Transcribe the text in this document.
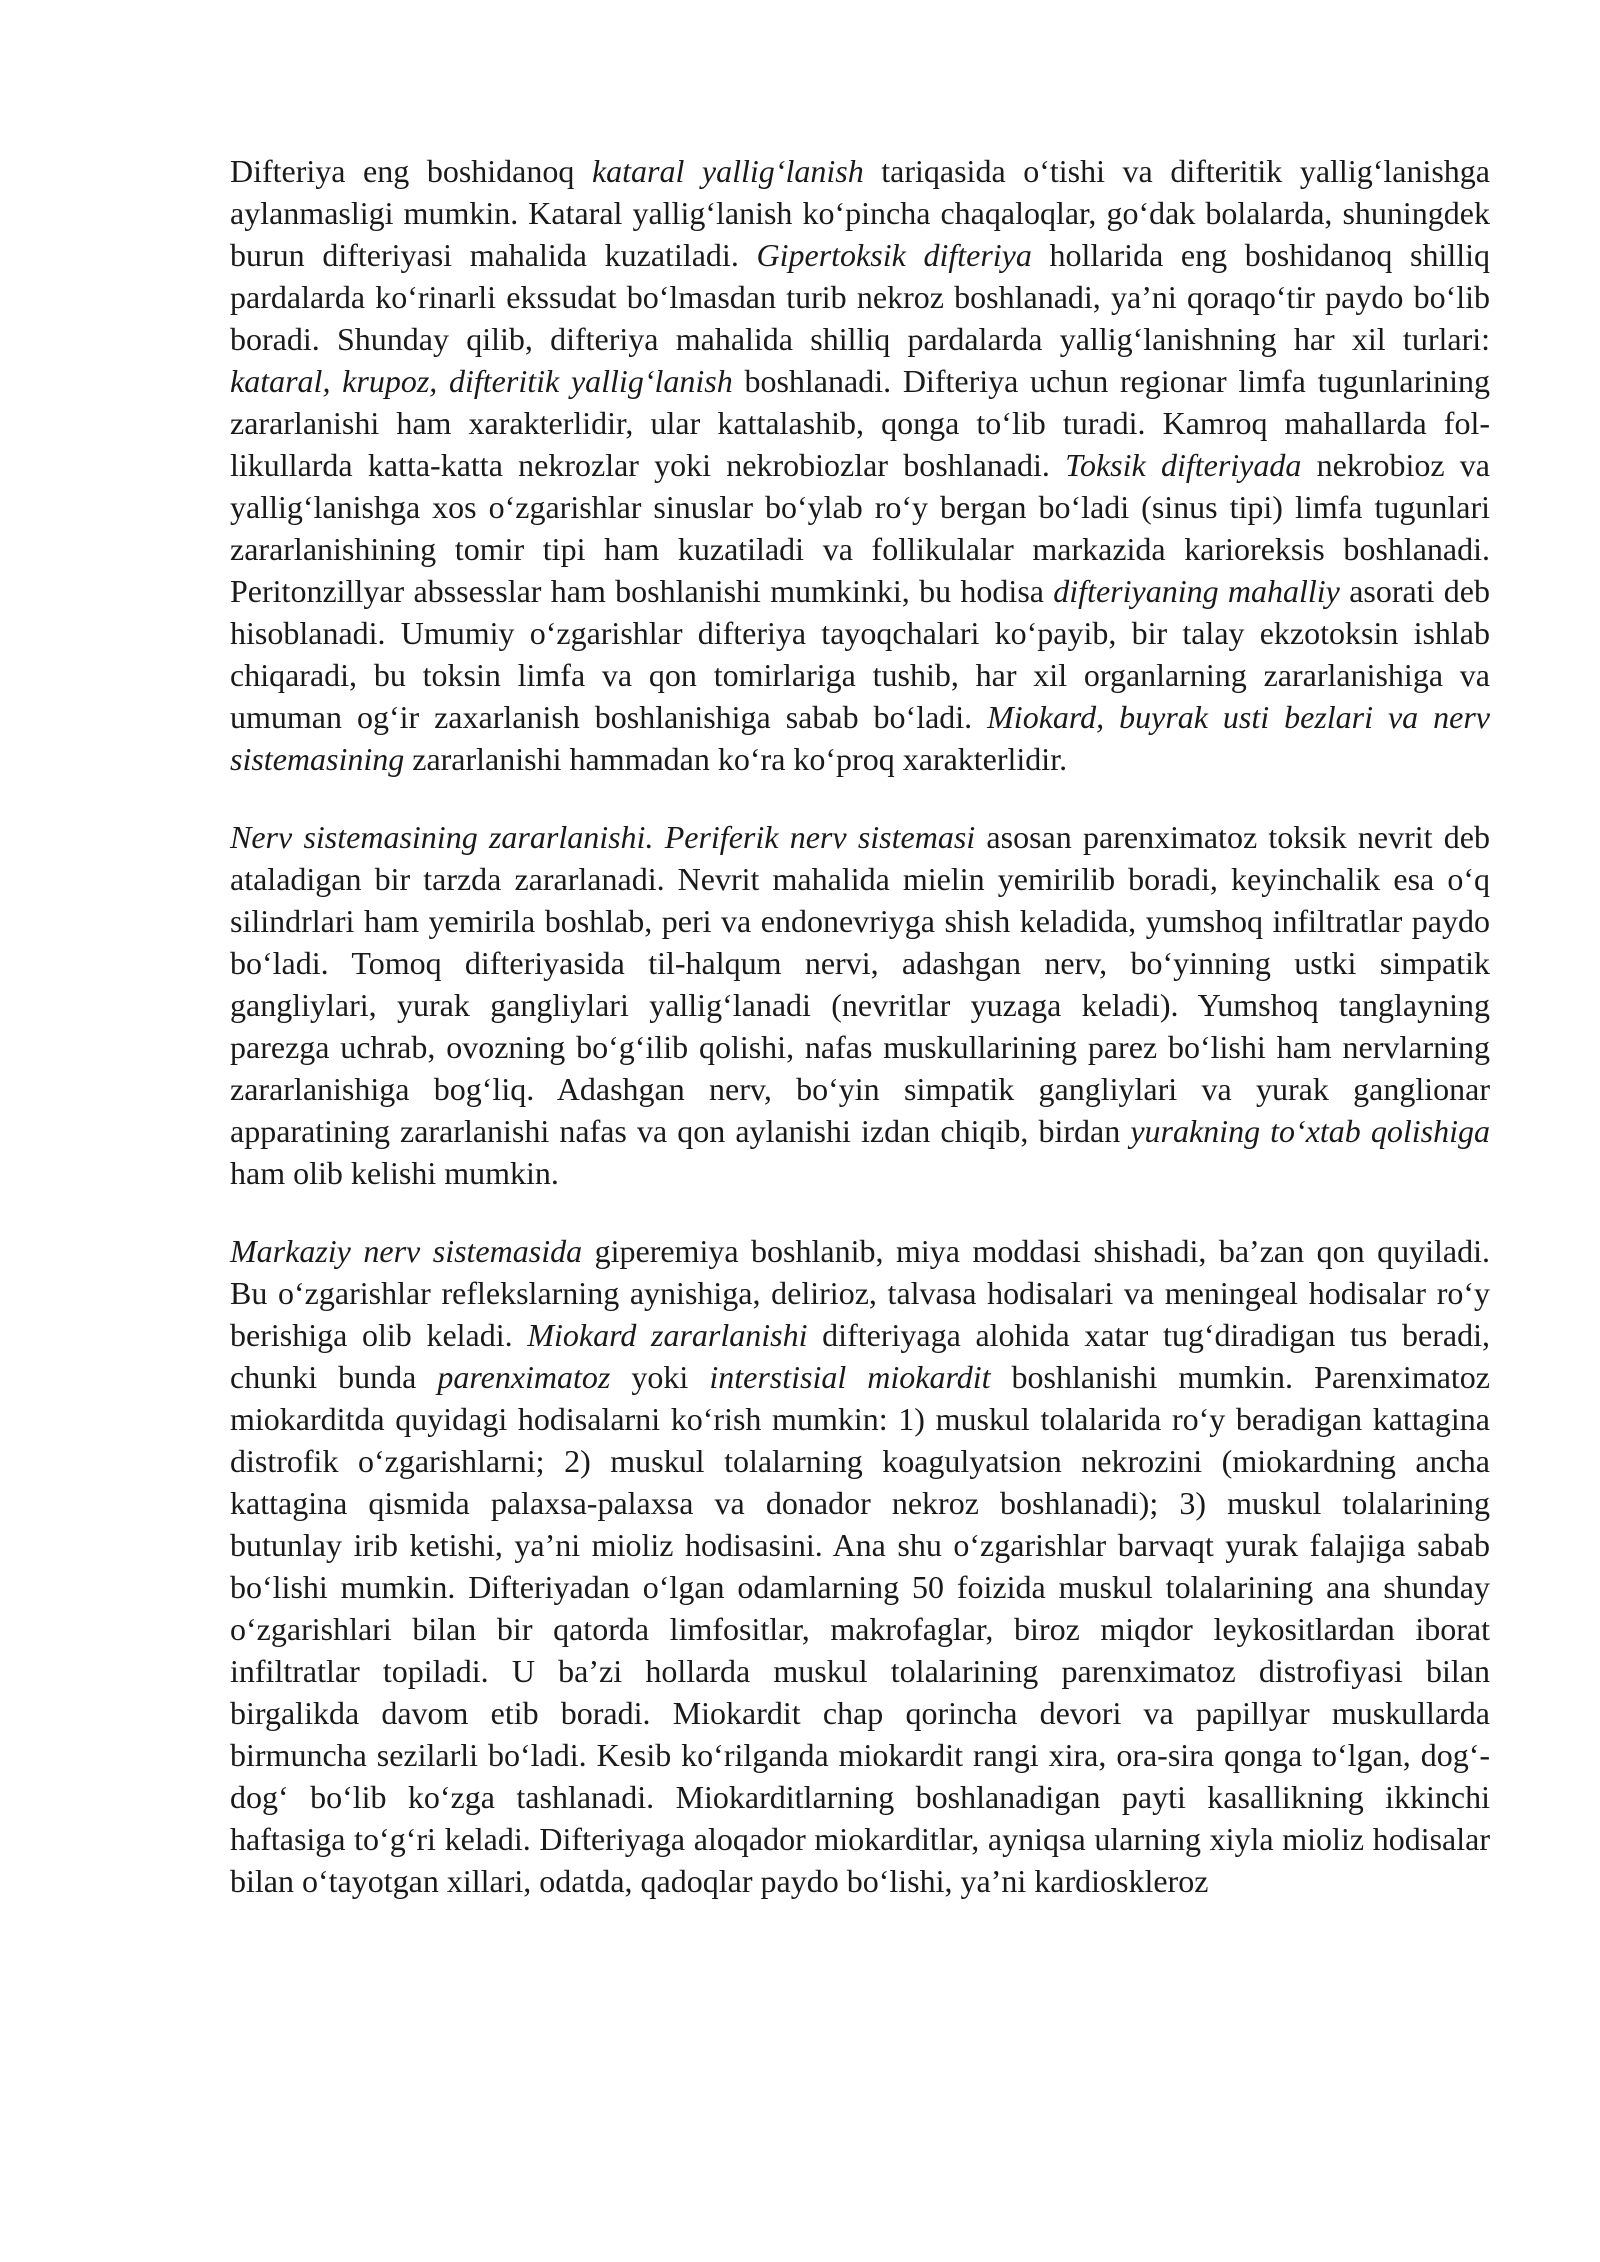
Difteriya eng boshidanoq kataral yallig‘lanish tariqasida o‘tishi va difteritik yallig‘lanishga aylanmasligi mumkin. Kataral yallig‘lanish ko‘pincha chaqaloqlar, go‘dak bolalarda, shuningdek burun difteriyasi mahalida kuzatiladi. Gipertoksik difteriya hollarida eng boshidanoq shilliq pardalarda ko‘rinarli ekssudat bo‘lmasdan turib nekroz boshlanadi, ya’ni qoraqo‘tir paydo bo‘lib boradi. Shunday qilib, difteriya mahalida shilliq pardalarda yallig‘lanishning har xil turlari: kataral, krupoz, difteritik yallig‘lanish boshlanadi. Difteriya uchun regionar limfa tugunlarining zararlanishi ham xarakterlidir, ular kattalashib, qonga to‘lib turadi. Kamroq mahallarda follikullarda katta-katta nekrozlar yoki nekrobiozlar boshlanadi. Toksik difteriyada nekrobioz va yallig‘lanishga xos o‘zgarishlar sinuslar bo‘ylab ro‘y bergan bo‘ladi (sinus tipi) limfa tugunlari zararlanishining tomir tipi ham kuzatiladi va follikulalar markazida karioreksis boshlanadi. Peritonzillyar abssesslar ham boshlanishi mumkinki, bu hodisa difteriyaning mahalliy asorati deb hisoblanadi. Umumiy o‘zgarishlar difteriya tayoqchalari ko‘payib, bir talay ekzotoksin ishlab chiqaradi, bu toksin limfa va qon tomirlariga tushib, har xil organlarning zararlanishiga va umuman og‘ir zaxarlanish boshlanishiga sabab bo‘ladi. Miokard, buyrak usti bezlari va nerv sistemasining zararlanishi hammadan ko‘ra ko‘proq xarakterlidir.

Nerv sistemasining zararlanishi. Periferik nerv sistemasi asosan parenximatoz toksik nevrit deb ataladigan bir tarzda zararlanadi. Nevrit mahalida mielin yemirilib boradi, keyinchalik esa o‘q silindrlari ham yemirila boshlab, peri va endonevriyga shish keladida, yumshoq infiltratlar paydo bo‘ladi. Tomoq difteriyasida til-halqum nervi, adashgan nerv, bo‘yinning ustki simpatik gangliylari, yurak gangliylari yallig‘lanadi (nevritlar yuzaga keladi). Yumshoq tanglayning parezga uchrab, ovozning bo‘g‘ilib qolishi, nafas muskullarining parez bo‘lishi ham nervlarning zararlanishiga bog‘liq. Adashgan nerv, bo‘yin simpatik gangliylari va yurak ganglionar apparatining zararlanishi nafas va qon aylanishi izdan chiqib, birdan yurakning to‘xtab qolishiga ham olib kelishi mumkin.

Markaziy nerv sistemasida giperemiya boshlanib, miya moddasi shishadi, ba’zan qon quyiladi. Bu o‘zgarishlar reflekslarning aynishiga, delirioz, talvasa hodisalari va meningeal hodisalar ro‘y berishiga olib keladi. Miokard zararlanishi difteriyaga alohida xatar tug‘diradigan tus beradi, chunki bunda parenximatoz yoki interstisial miokardit boshlanishi mumkin. Parenximatoz miokarditda quyidagi hodisalarni ko‘rish mumkin: 1) muskul tolalarida ro‘y beradigan kattagina distrofik o‘zgarishlarni; 2) muskul tolalarning koagulyatsion nekrozini (miokardning ancha kattagina qismida palaxsa-palaxsa va donador nekroz boshlanadi); 3) muskul tolalarining butunlay irib ketishi, ya’ni mioliz hodisasini. Ana shu o‘zgarishlar barvaqt yurak falajiga sabab bo‘lishi mumkin. Difteriyadan o‘lgan odamlarning 50 foizida muskul tolalarining ana shunday o‘zgarishlari bilan bir qatorda limfositlar, makrofaglar, biroz miqdor leykositlardan iborat infiltratlar topiladi. U ba’zi hollarda muskul tolalarining parenximatoz distrofiyasi bilan birgalikda davom etib boradi. Miokardit chap qorincha devori va papillyar muskullarda birmuncha sezilarli bo‘ladi. Kesib ko‘rilganda miokardit rangi xira, ora-sira qonga to‘lgan, dog‘-dog‘ bo‘lib ko‘zga tashlanadi. Miokarditlarning boshlanadigan payti kasallikning ikkinchi haftasiga to‘g‘ri keladi. Difteriyaga aloqador miokarditlar, ayniqsa ularning xiyla mioliz hodisalar bilan o‘tayotgan xillari, odatda, qadoqlar paydo bo‘lishi, ya’ni kardioskleroz
